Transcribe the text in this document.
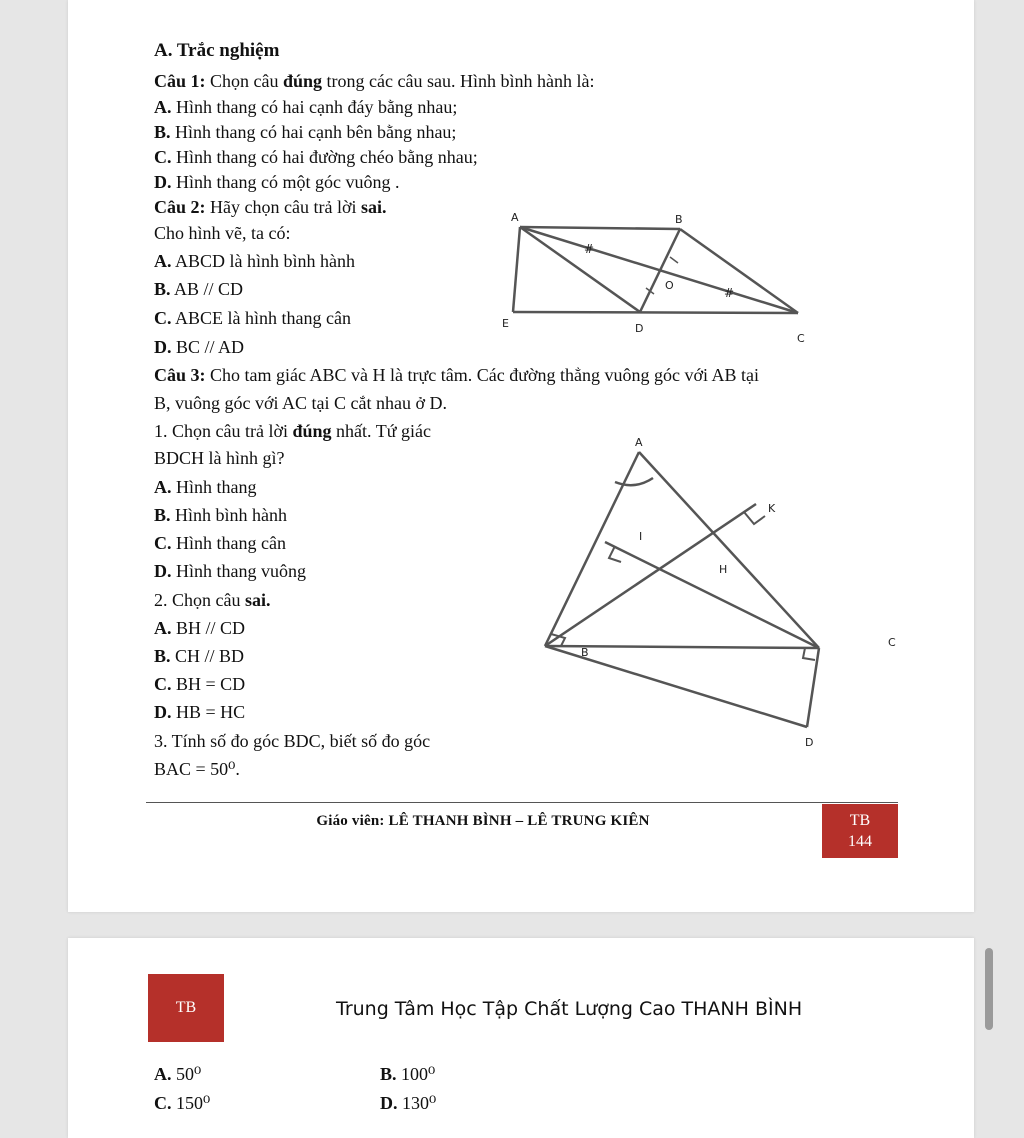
A. Trắc nghiệm
Câu 1: Chọn câu đúng trong các câu sau. Hình bình hành là:
A. Hình thang có hai cạnh đáy bằng nhau;
B. Hình thang có hai cạnh bên bằng nhau;
C. Hình thang có hai đường chéo bằng nhau;
D. Hình thang có một góc vuông .
Câu 2: Hãy chọn câu trả lời sai.
Cho hình vẽ, ta có:
A. ABCD là hình bình hành
B. AB // CD
C. ABCE là hình thang cân
D. BC // AD
A	B
C
D
E
O
#
#
Câu 3: Cho tam giác ABC và H là trực tâm. Các đường thẳng vuông góc với AB tại
B, vuông góc với AC tại C cắt nhau ở D.
1. Chọn câu trả lời đúng nhất. Tứ giác
BDCH là hình gì?
A. Hình thang
B. Hình bình hành
C. Hình thang cân
D. Hình thang vuông
2. Chọn câu sai.
A. BH // CD
B. CH // BD
C. BH = CD
D. HB = HC
3. Tính số đo góc BDC, biết số đo góc
BAC = 50⁰.
A
K
I
H
B
C
D
Giáo viên: LÊ THANH BÌNH – LÊ TRUNG KIÊN	TB
144
TB	Trung Tâm Học Tập Chất Lượng Cao THANH BÌNH
A. 50⁰	B. 100⁰
C. 150⁰	D. 130⁰
